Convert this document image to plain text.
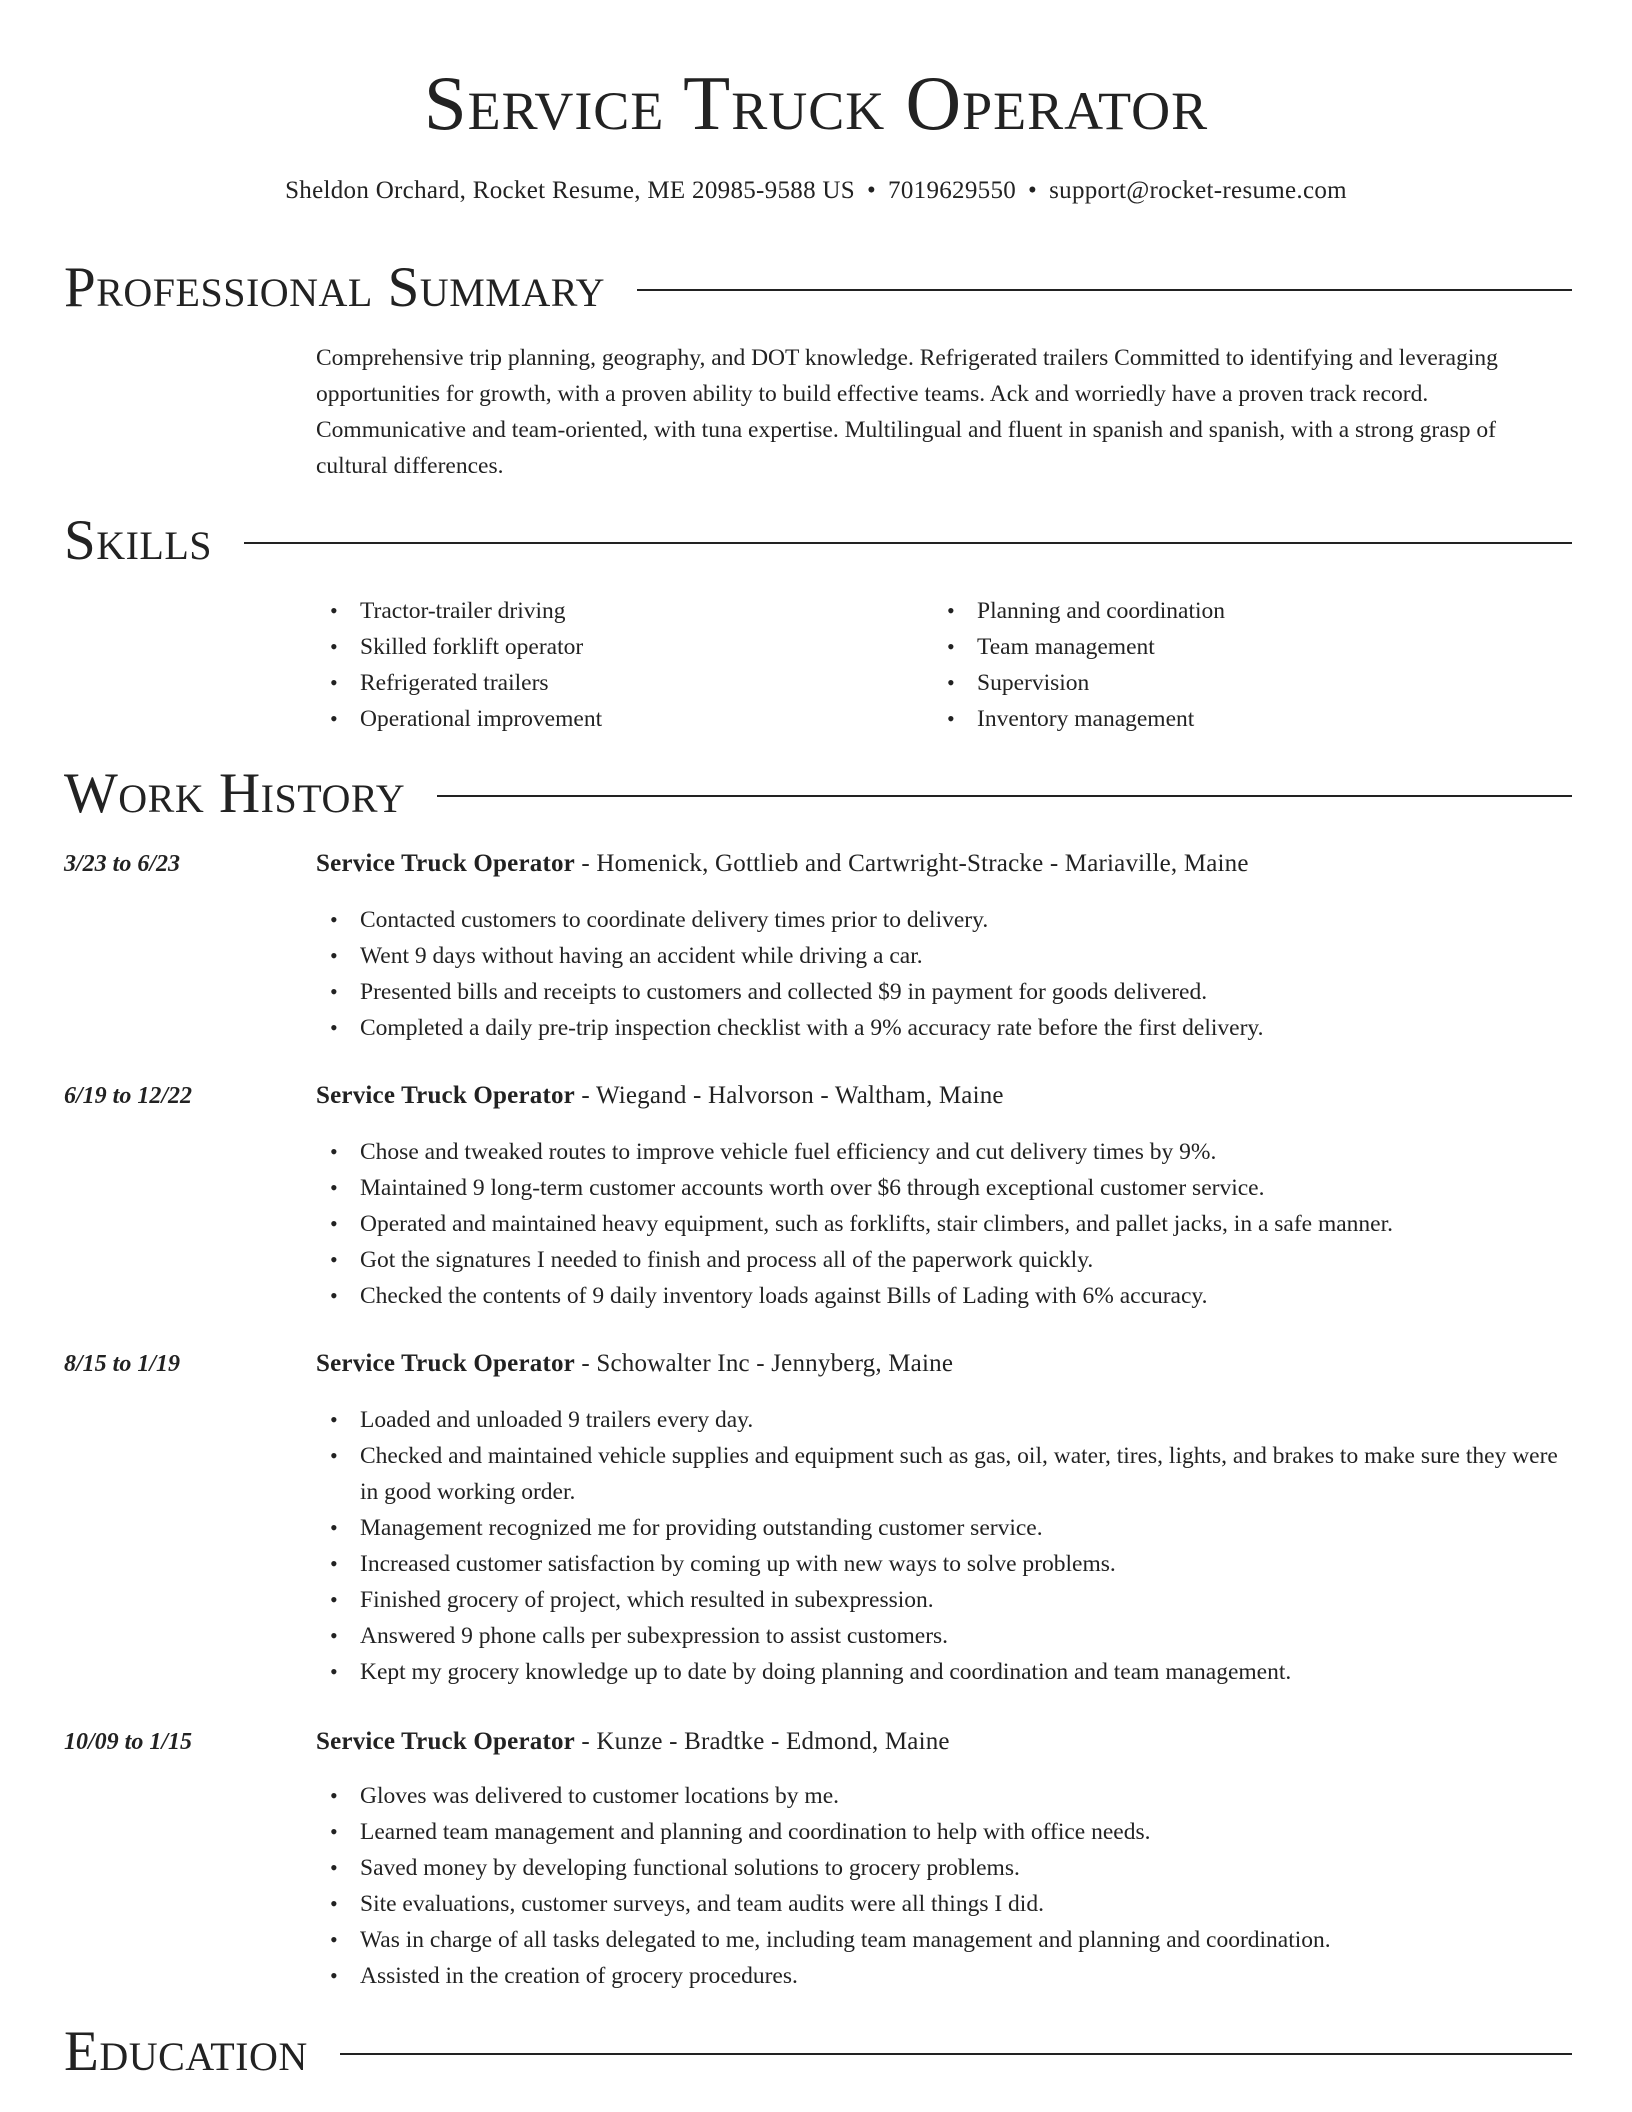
Service Truck Operator
Sheldon Orchard, Rocket Resume, ME 20985-9588 US • 7019629550 • support@rocket-resume.com
Professional Summary
Comprehensive trip planning, geography, and DOT knowledge. Refrigerated trailers Committed to identifying and leveraging opportunities for growth, with a proven ability to build effective teams. Ack and worriedly have a proven track record. Communicative and team-oriented, with tuna expertise. Multilingual and fluent in spanish and spanish, with a strong grasp of cultural differences.
Skills
• Tractor-trailer driving
• Skilled forklift operator
• Refrigerated trailers
• Operational improvement
• Planning and coordination
• Team management
• Supervision
• Inventory management
Work History
3/23 to 6/23	Service Truck Operator - Homenick, Gottlieb and Cartwright-Stracke - Mariaville, Maine
• Contacted customers to coordinate delivery times prior to delivery.
• Went 9 days without having an accident while driving a car.
• Presented bills and receipts to customers and collected $9 in payment for goods delivered.
• Completed a daily pre-trip inspection checklist with a 9% accuracy rate before the first delivery.
6/19 to 12/22	Service Truck Operator - Wiegand - Halvorson - Waltham, Maine
• Chose and tweaked routes to improve vehicle fuel efficiency and cut delivery times by 9%.
• Maintained 9 long-term customer accounts worth over $6 through exceptional customer service.
• Operated and maintained heavy equipment, such as forklifts, stair climbers, and pallet jacks, in a safe manner.
• Got the signatures I needed to finish and process all of the paperwork quickly.
• Checked the contents of 9 daily inventory loads against Bills of Lading with 6% accuracy.
8/15 to 1/19	Service Truck Operator - Schowalter Inc - Jennyberg, Maine
• Loaded and unloaded 9 trailers every day.
• Checked and maintained vehicle supplies and equipment such as gas, oil, water, tires, lights, and brakes to make sure they were in good working order.
• Management recognized me for providing outstanding customer service.
• Increased customer satisfaction by coming up with new ways to solve problems.
• Finished grocery of project, which resulted in subexpression.
• Answered 9 phone calls per subexpression to assist customers.
• Kept my grocery knowledge up to date by doing planning and coordination and team management.
10/09 to 1/15	Service Truck Operator - Kunze - Bradtke - Edmond, Maine
• Gloves was delivered to customer locations by me.
• Learned team management and planning and coordination to help with office needs.
• Saved money by developing functional solutions to grocery problems.
• Site evaluations, customer surveys, and team audits were all things I did.
• Was in charge of all tasks delegated to me, including team management and planning and coordination.
• Assisted in the creation of grocery procedures.
Education
